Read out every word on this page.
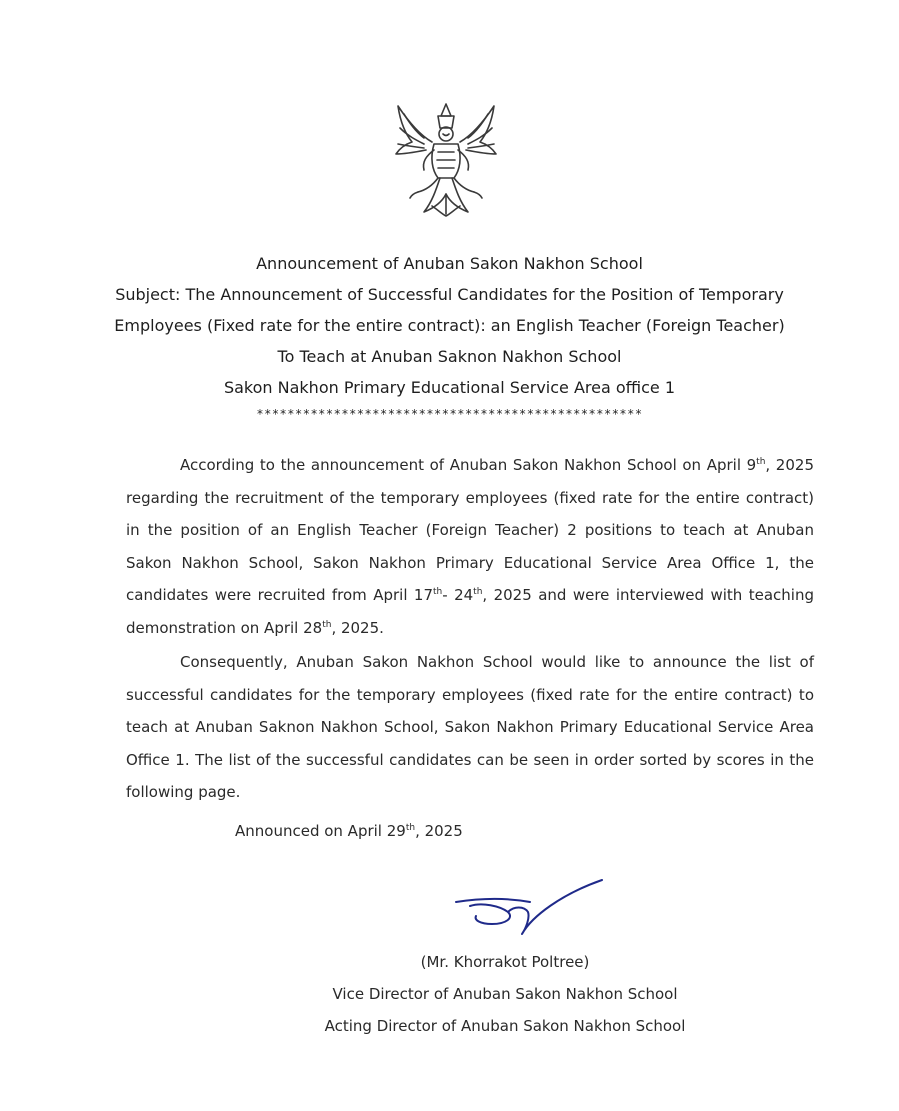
Announcement of Anuban Sakon Nakhon School
Subject: The Announcement of Successful Candidates for the Position of Temporary
Employees (Fixed rate for the entire contract): an English Teacher (Foreign Teacher)
To Teach at Anuban Saknon Nakhon School
Sakon Nakhon Primary Educational Service Area office 1
**************************************************

According to the announcement of Anuban Sakon Nakhon School on April 9th, 2025 regarding the recruitment of the temporary employees (fixed rate for the entire contract) in the position of an English Teacher (Foreign Teacher) 2 positions to teach at Anuban Sakon Nakhon School, Sakon Nakhon Primary Educational Service Area Office 1, the candidates were recruited from April 17th- 24th, 2025 and were interviewed with teaching demonstration on April 28th, 2025.

Consequently, Anuban Sakon Nakhon School would like to announce the list of successful candidates for the temporary employees (fixed rate for the entire contract) to teach at Anuban Saknon Nakhon School, Sakon Nakhon Primary Educational Service Area Office 1. The list of the successful candidates can be seen in order sorted by scores in the following page.

Announced on April 29th, 2025
(Mr. Khorrakot Poltree)
Vice Director of Anuban Sakon Nakhon School
Acting Director of Anuban Sakon Nakhon School
